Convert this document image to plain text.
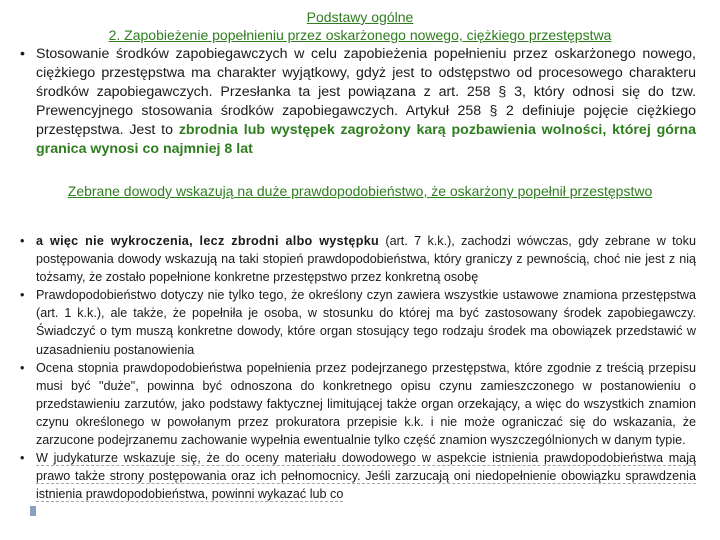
Podstawy ogólne
2. Zapobieżenie popełnieniu przez oskarżonego nowego, ciężkiego przestępstwa
• Stosowanie środków zapobiegawczych w celu zapobieżenia popełnieniu przez oskarżonego nowego, ciężkiego przestępstwa ma charakter wyjątkowy, gdyż jest to odstępstwo od procesowego charakteru środków zapobiegawczych. Przesłanka ta jest powiązana z art. 258 § 3, który odnosi się do tzw. Prewencyjnego stosowania środków zapobiegawczych. Artykuł 258 § 2 definiuje pojęcie ciężkiego przestępstwa. Jest to zbrodnia lub występek zagrożony karą pozbawienia wolności, której górna granica wynosi co najmniej 8 lat
Zebrane dowody wskazują na duże prawdopodobieństwo, że oskarżony popełnił przestępstwo
• a więc nie wykroczenia, lecz zbrodni albo występku (art. 7 k.k.), zachodzi wówczas, gdy zebrane w toku postępowania dowody wskazują na taki stopień prawdopodobieństwa, który graniczy z pewnością, choć nie jest z nią tożsamy, że zostało popełnione konkretne przestępstwo przez konkretną osobę
• Prawdopodobieństwo dotyczy nie tylko tego, że określony czyn zawiera wszystkie ustawowe znamiona przestępstwa (art. 1 k.k.), ale także, że popełniła je osoba, w stosunku do której ma być zastosowany środek zapobiegawczy. Świadczyć o tym muszą konkretne dowody, które organ stosujący tego rodzaju środek ma obowiązek przedstawić w uzasadnieniu postanowienia
• Ocena stopnia prawdopodobieństwa popełnienia przez podejrzanego przestępstwa, które zgodnie z treścią przepisu musi być "duże", powinna być odnoszona do konkretnego opisu czynu zamieszczonego w postanowieniu o przedstawieniu zarzutów, jako podstawy faktycznej limitującej także organ orzekający, a więc do wszystkich znamion czynu określonego w powołanym przez prokuratora przepisie k.k. i nie może ograniczać się do wskazania, że zarzucone podejrzanemu zachowanie wypełnia ewentualnie tylko część znamion wyszczególnionych w danym typie.
• W judykaturze wskazuje się, że do oceny materiału dowodowego w aspekcie istnienia prawdopodobieństwa mają prawo także strony postępowania oraz ich pełnomocnicy. Jeśli zarzucają oni niedopełnienie obowiązku sprawdzenia istnienia prawdopodobieństwa, powinni wykazać lub co
